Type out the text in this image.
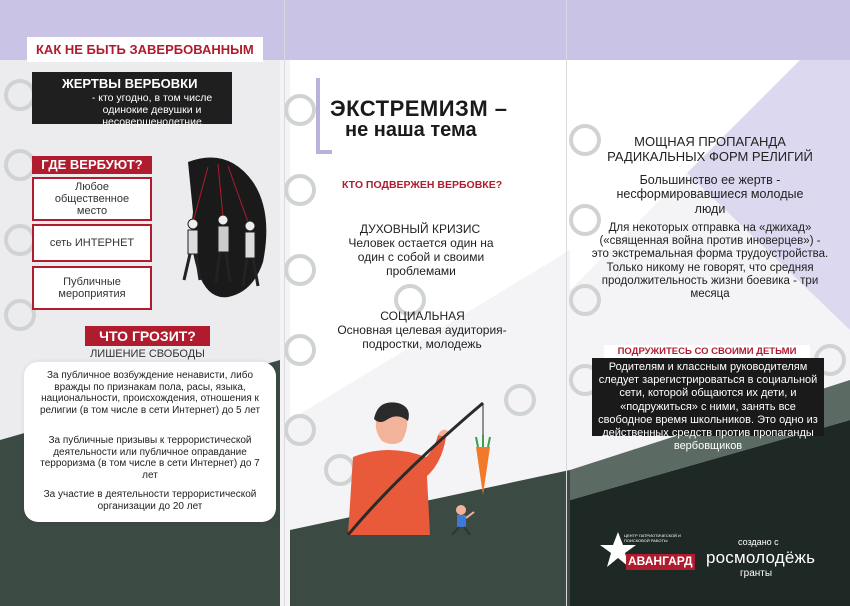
КАК НЕ БЫТЬ ЗАВЕРБОВАННЫМ
ЖЕРТВЫ ВЕРБОВКИ
- кто угодно, в том числе одинокие девушки и несовершенолетние
ГДЕ ВЕРБУЮТ?
Любое общественное место
сеть ИНТЕРНЕТ
Публичные мероприятия
ЧТО ГРОЗИТ?
ЛИШЕНИЕ СВОБОДЫ
За публичное возбуждение ненависти, либо вражды по признакам пола, расы, языка, национальности, происхождения, отношения к религии (в том числе в сети Интернет) до 5 лет
За публичные призывы к террористической деятельности или публичное оправдание терроризма (в том числе в сети Интернет) до 7 лет
За участие в деятельности террористической организации до 20 лет
ЭКСТРЕМИЗМ –
не наша тема
КТО ПОДВЕРЖЕН ВЕРБОВКЕ?
ДУХОВНЫЙ КРИЗИС
Человек остается один на один с собой и своими проблемами
СОЦИАЛЬНАЯ
Основная целевая аудитория- подростки, молодежь
МОЩНАЯ ПРОПАГАНДА РАДИКАЛЬНЫХ ФОРМ РЕЛИГИЙ
Большинство ее жертв - несформировавшиеся молодые люди
Для некоторых отправка на «джихад» («священная война против иноверцев») - это экстремальная форма трудоустройства. Только никому не говорят, что средняя продолжительность жизни боевика - три месяца
ПОДРУЖИТЕСЬ СО СВОИМИ ДЕТЬМИ
Родителям и классным руководителям следует зарегистрироваться в социальной сети, которой общаются их дети, и «подружиться» с ними, занять все свободное время школьников. Это одно из действенных средств против пропаганды вербовщиков
ЦЕНТР ПАТРИОТИЧЕСКОЙ И ПОИСКОВОЙ РАБОТЫ
АВАНГАРД
создано с
росмолодёжь
гранты
